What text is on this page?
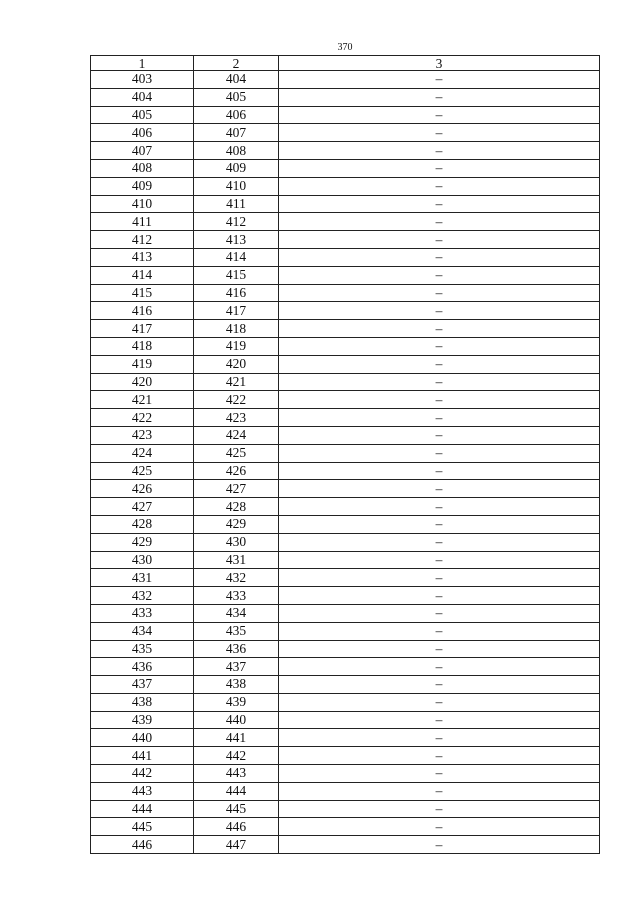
370
1	2	3
403	404	–
404	405	–
405	406	–
406	407	–
407	408	–
408	409	–
409	410	–
410	411	–
411	412	–
412	413	–
413	414	–
414	415	–
415	416	–
416	417	–
417	418	–
418	419	–
419	420	–
420	421	–
421	422	–
422	423	–
423	424	–
424	425	–
425	426	–
426	427	–
427	428	–
428	429	–
429	430	–
430	431	–
431	432	–
432	433	–
433	434	–
434	435	–
435	436	–
436	437	–
437	438	–
438	439	–
439	440	–
440	441	–
441	442	–
442	443	–
443	444	–
444	445	–
445	446	–
446	447	–
